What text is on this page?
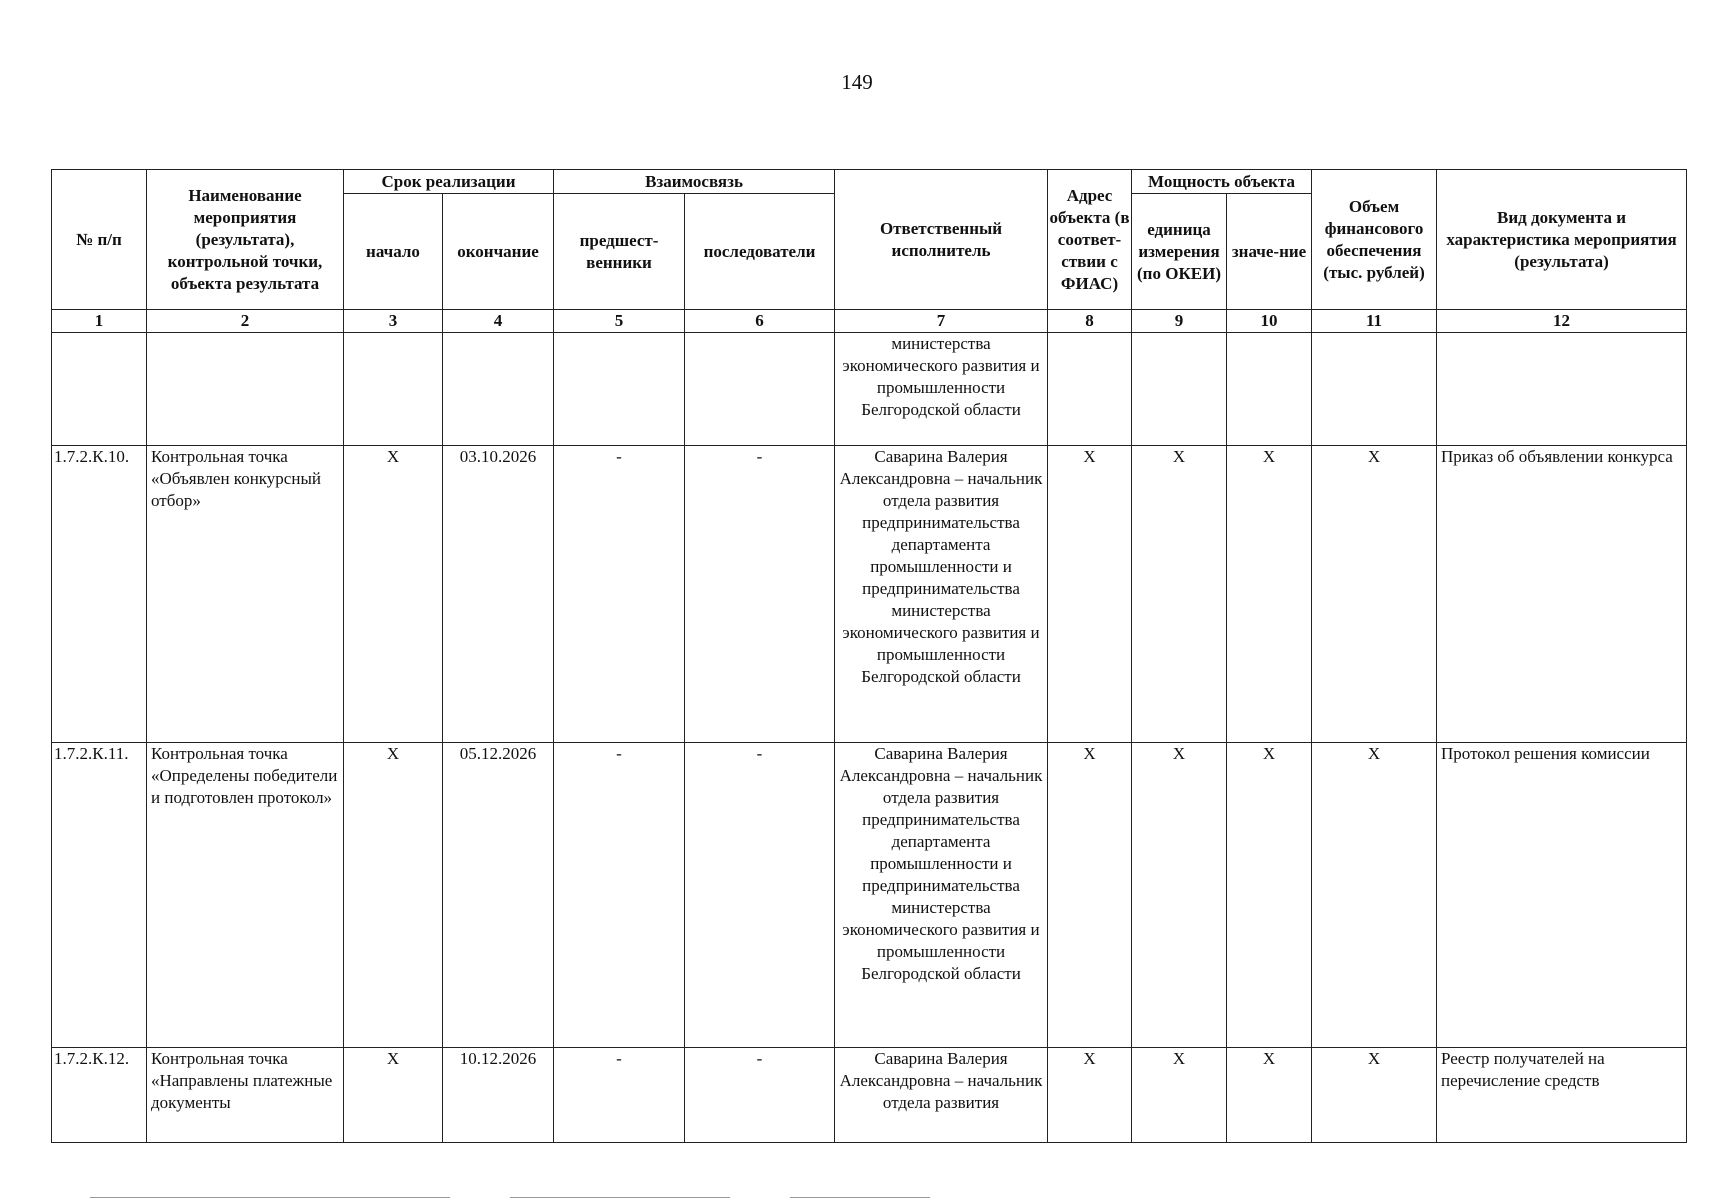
149
№ п/п	Наименование мероприятия (результата), контрольной точки, объекта результата	Срок реализации		Взаимосвязь		Ответственный исполнитель	Адрес объекта (в соответ-ствии с ФИАС)	Мощность объекта		Объем финансового обеспечения (тыс. рублей)	Вид документа и характеристика мероприятия (результата)
		начало	окончание	предшест-венники	последователи			единица измерения (по ОКЕИ)	значе-ние		
1	2	3	4	5	6	7	8	9	10	11	12
						министерства экономического развития и промышленности Белгородской области					
1.7.2.К.10.	Контрольная точка «Объявлен конкурсный отбор»	X	03.10.2026	-	-	Саварина Валерия Александровна – начальник отдела развития предпринимательства департамента промышленности и предпринимательства министерства экономического развития и промышленности Белгородской области	X	X	X	X	Приказ об объявлении конкурса
1.7.2.К.11.	Контрольная точка «Определены победители и подготовлен протокол»	X	05.12.2026	-	-	Саварина Валерия Александровна – начальник отдела развития предпринимательства департамента промышленности и предпринимательства министерства экономического развития и промышленности Белгородской области	X	X	X	X	Протокол решения комиссии
1.7.2.К.12.	Контрольная точка «Направлены платежные документы	X	10.12.2026	-	-	Саварина Валерия Александровна – начальник отдела развития	X	X	X	X	Реестр получателей на перечисление средств
